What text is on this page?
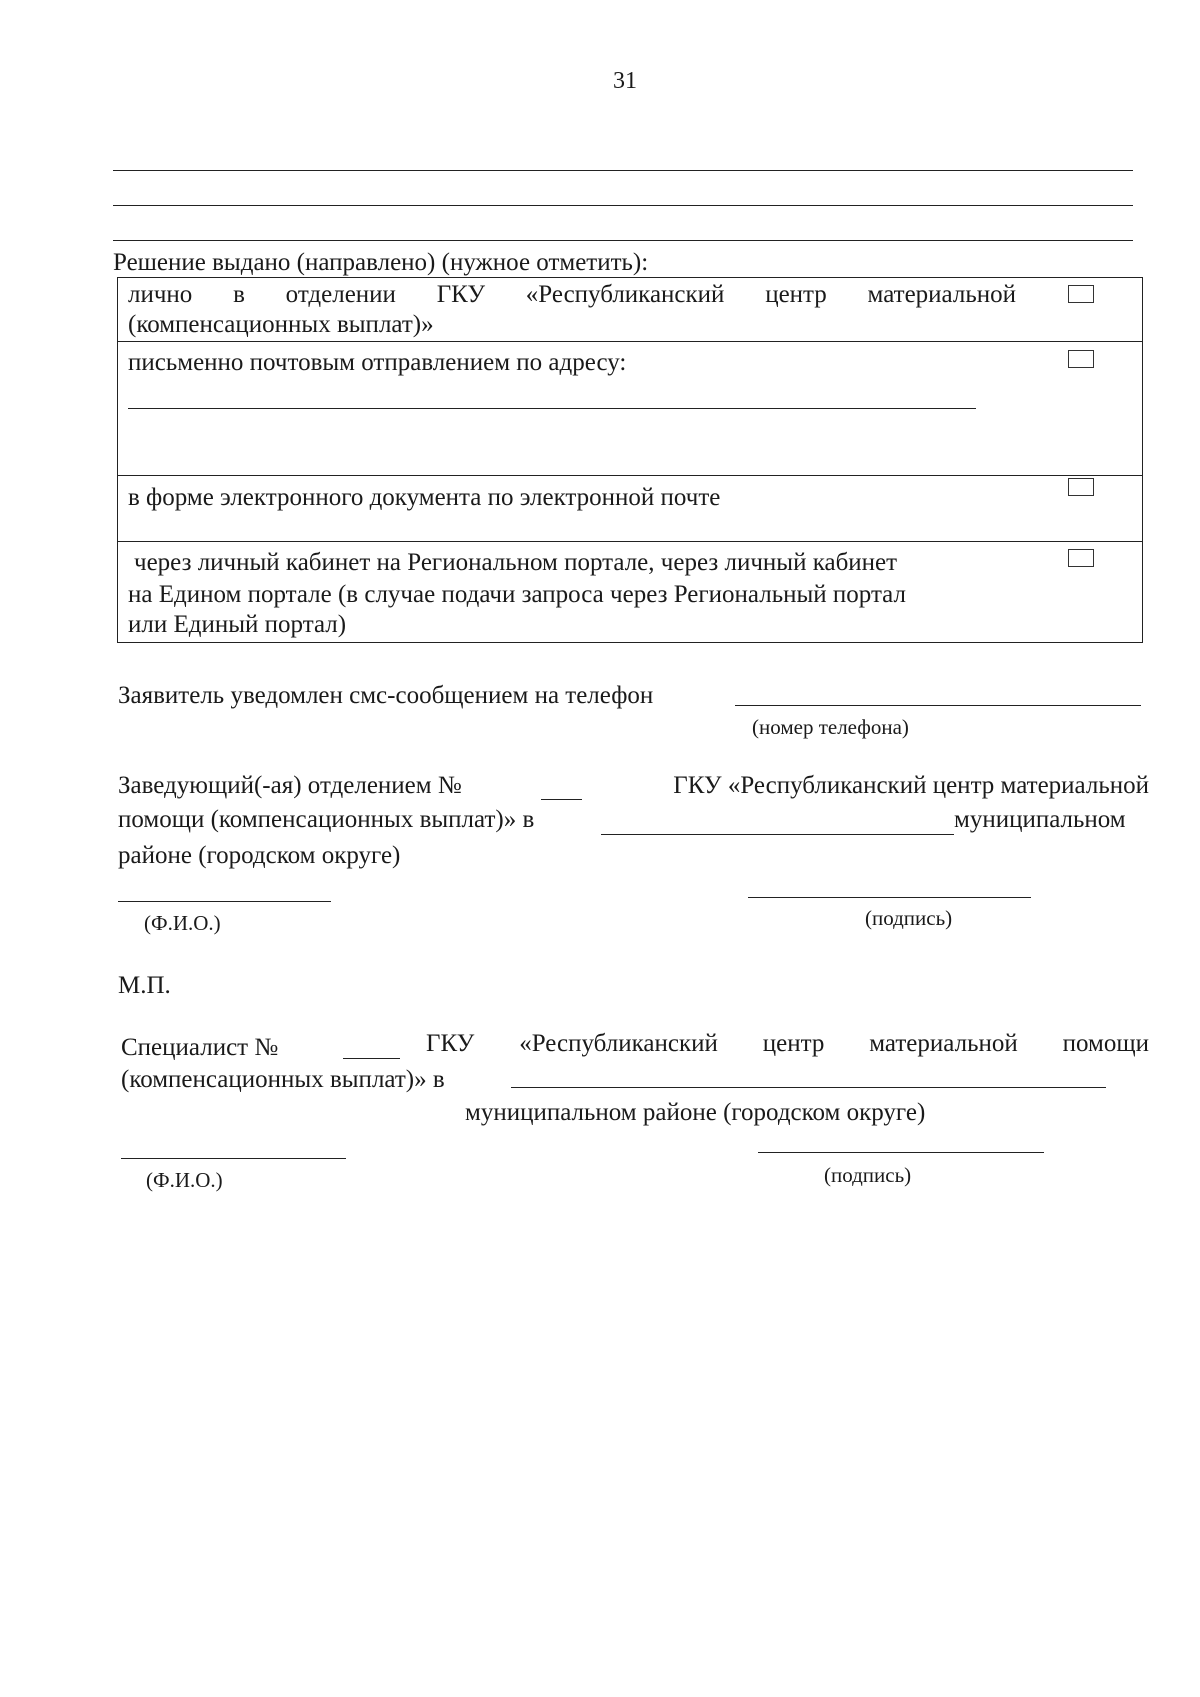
31
Решение выдано (направлено) (нужное отметить):
лично в отделении ГКУ «Республиканский центр материальной
(компенсационных выплат)»
письменно почтовым отправлением по адресу:
в форме электронного документа по электронной почте
через личный кабинет на Региональном портале, через личный кабинет
на Едином портале (в случае подачи запроса через Региональный портал
или Единый портал)
Заявитель уведомлен смс-сообщением на телефон
(номер телефона)
Заведующий(-ая) отделением №	ГКУ «Республиканский центр материальной
помощи (компенсационных выплат)» в	муниципальном
районе (городском округе)
(Ф.И.О.)	(подпись)
М.П.
Специалист №	ГКУ «Республиканский центр материальной помощи
(компенсационных выплат)» в
муниципальном районе (городском округе)
(Ф.И.О.)	(подпись)
